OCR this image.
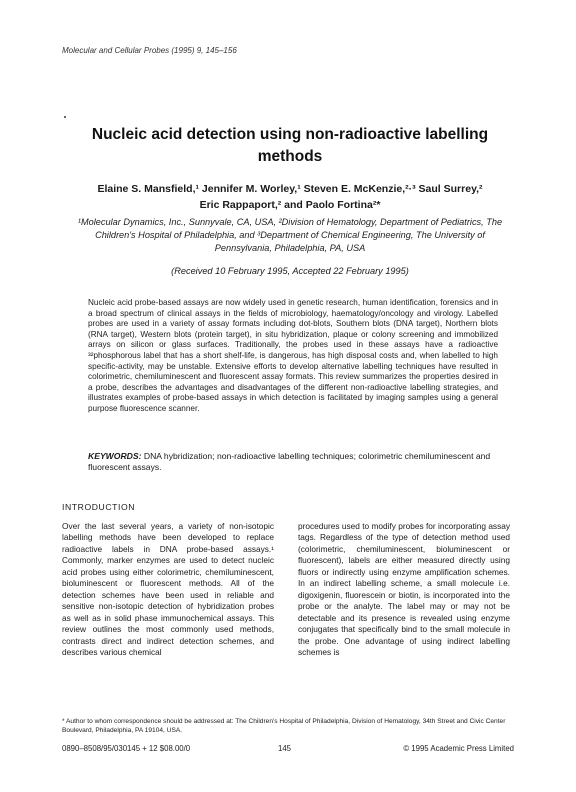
Molecular and Cellular Probes (1995) 9, 145–156
Nucleic acid detection using non-radioactive labelling methods
Elaine S. Mansfield,¹ Jennifer M. Worley,¹ Steven E. McKenzie,²·³ Saul Surrey,²
Eric Rappaport,² and Paolo Fortina²*
¹Molecular Dynamics, Inc., Sunnyvale, CA, USA, ²Division of Hematology, Department of Pediatrics, The Children's Hospital of Philadelphia, and ³Department of Chemical Engineering, The University of Pennsylvania, Philadelphia, PA, USA
(Received 10 February 1995, Accepted 22 February 1995)
Nucleic acid probe-based assays are now widely used in genetic research, human identification, forensics and in a broad spectrum of clinical assays in the fields of microbiology, haematology/oncology and virology. Labelled probes are used in a variety of assay formats including dot-blots, Southern blots (DNA target), Northern blots (RNA target), Western blots (protein target), in situ hybridization, plaque or colony screening and immobilized arrays on silicon or glass surfaces. Traditionally, the probes used in these assays have a radioactive ³²phosphorous label that has a short shelf-life, is dangerous, has high disposal costs and, when labelled to high specific-activity, may be unstable. Extensive efforts to develop alternative labelling techniques have resulted in colorimetric, chemiluminescent and fluorescent assay formats. This review summarizes the properties desired in a probe, describes the advantages and disadvantages of the different non-radioactive labelling strategies, and illustrates examples of probe-based assays in which detection is facilitated by imaging samples using a general purpose fluorescence scanner.
KEYWORDS: DNA hybridization; non-radioactive labelling techniques; colorimetric chemiluminescent and fluorescent assays.
INTRODUCTION
Over the last several years, a variety of non-isotopic labelling methods have been developed to replace radioactive labels in DNA probe-based assays.¹ Commonly, marker enzymes are used to detect nucleic acid probes using either colorimetric, chemiluminescent, bioluminescent or fluorescent methods. All of the detection schemes have been used in reliable and sensitive non-isotopic detection of hybridization probes as well as in solid phase immunochemical assays. This review outlines the most commonly used methods, contrasts direct and indirect detection schemes, and describes various chemical
procedures used to modify probes for incorporating assay tags. Regardless of the type of detection method used (colorimetric, chemiluminescent, bioluminescent or fluorescent), labels are either measured directly using fluors or indirectly using enzyme amplification schemes. In an indirect labelling scheme, a small molecule i.e. digoxigenin, fluorescein or biotin, is incorporated into the probe or the analyte. The label may or may not be detectable and its presence is revealed using enzyme conjugates that specifically bind to the small molecule in the probe. One advantage of using indirect labelling schemes is
* Author to whom correspondence should be addressed at: The Children's Hospital of Philadelphia, Division of Hematology, 34th Street and Civic Center Boulevard, Philadelphia, PA 19104, USA.
0890–8508/95/030145 + 12 $08.00/0	145	© 1995 Academic Press Limited
